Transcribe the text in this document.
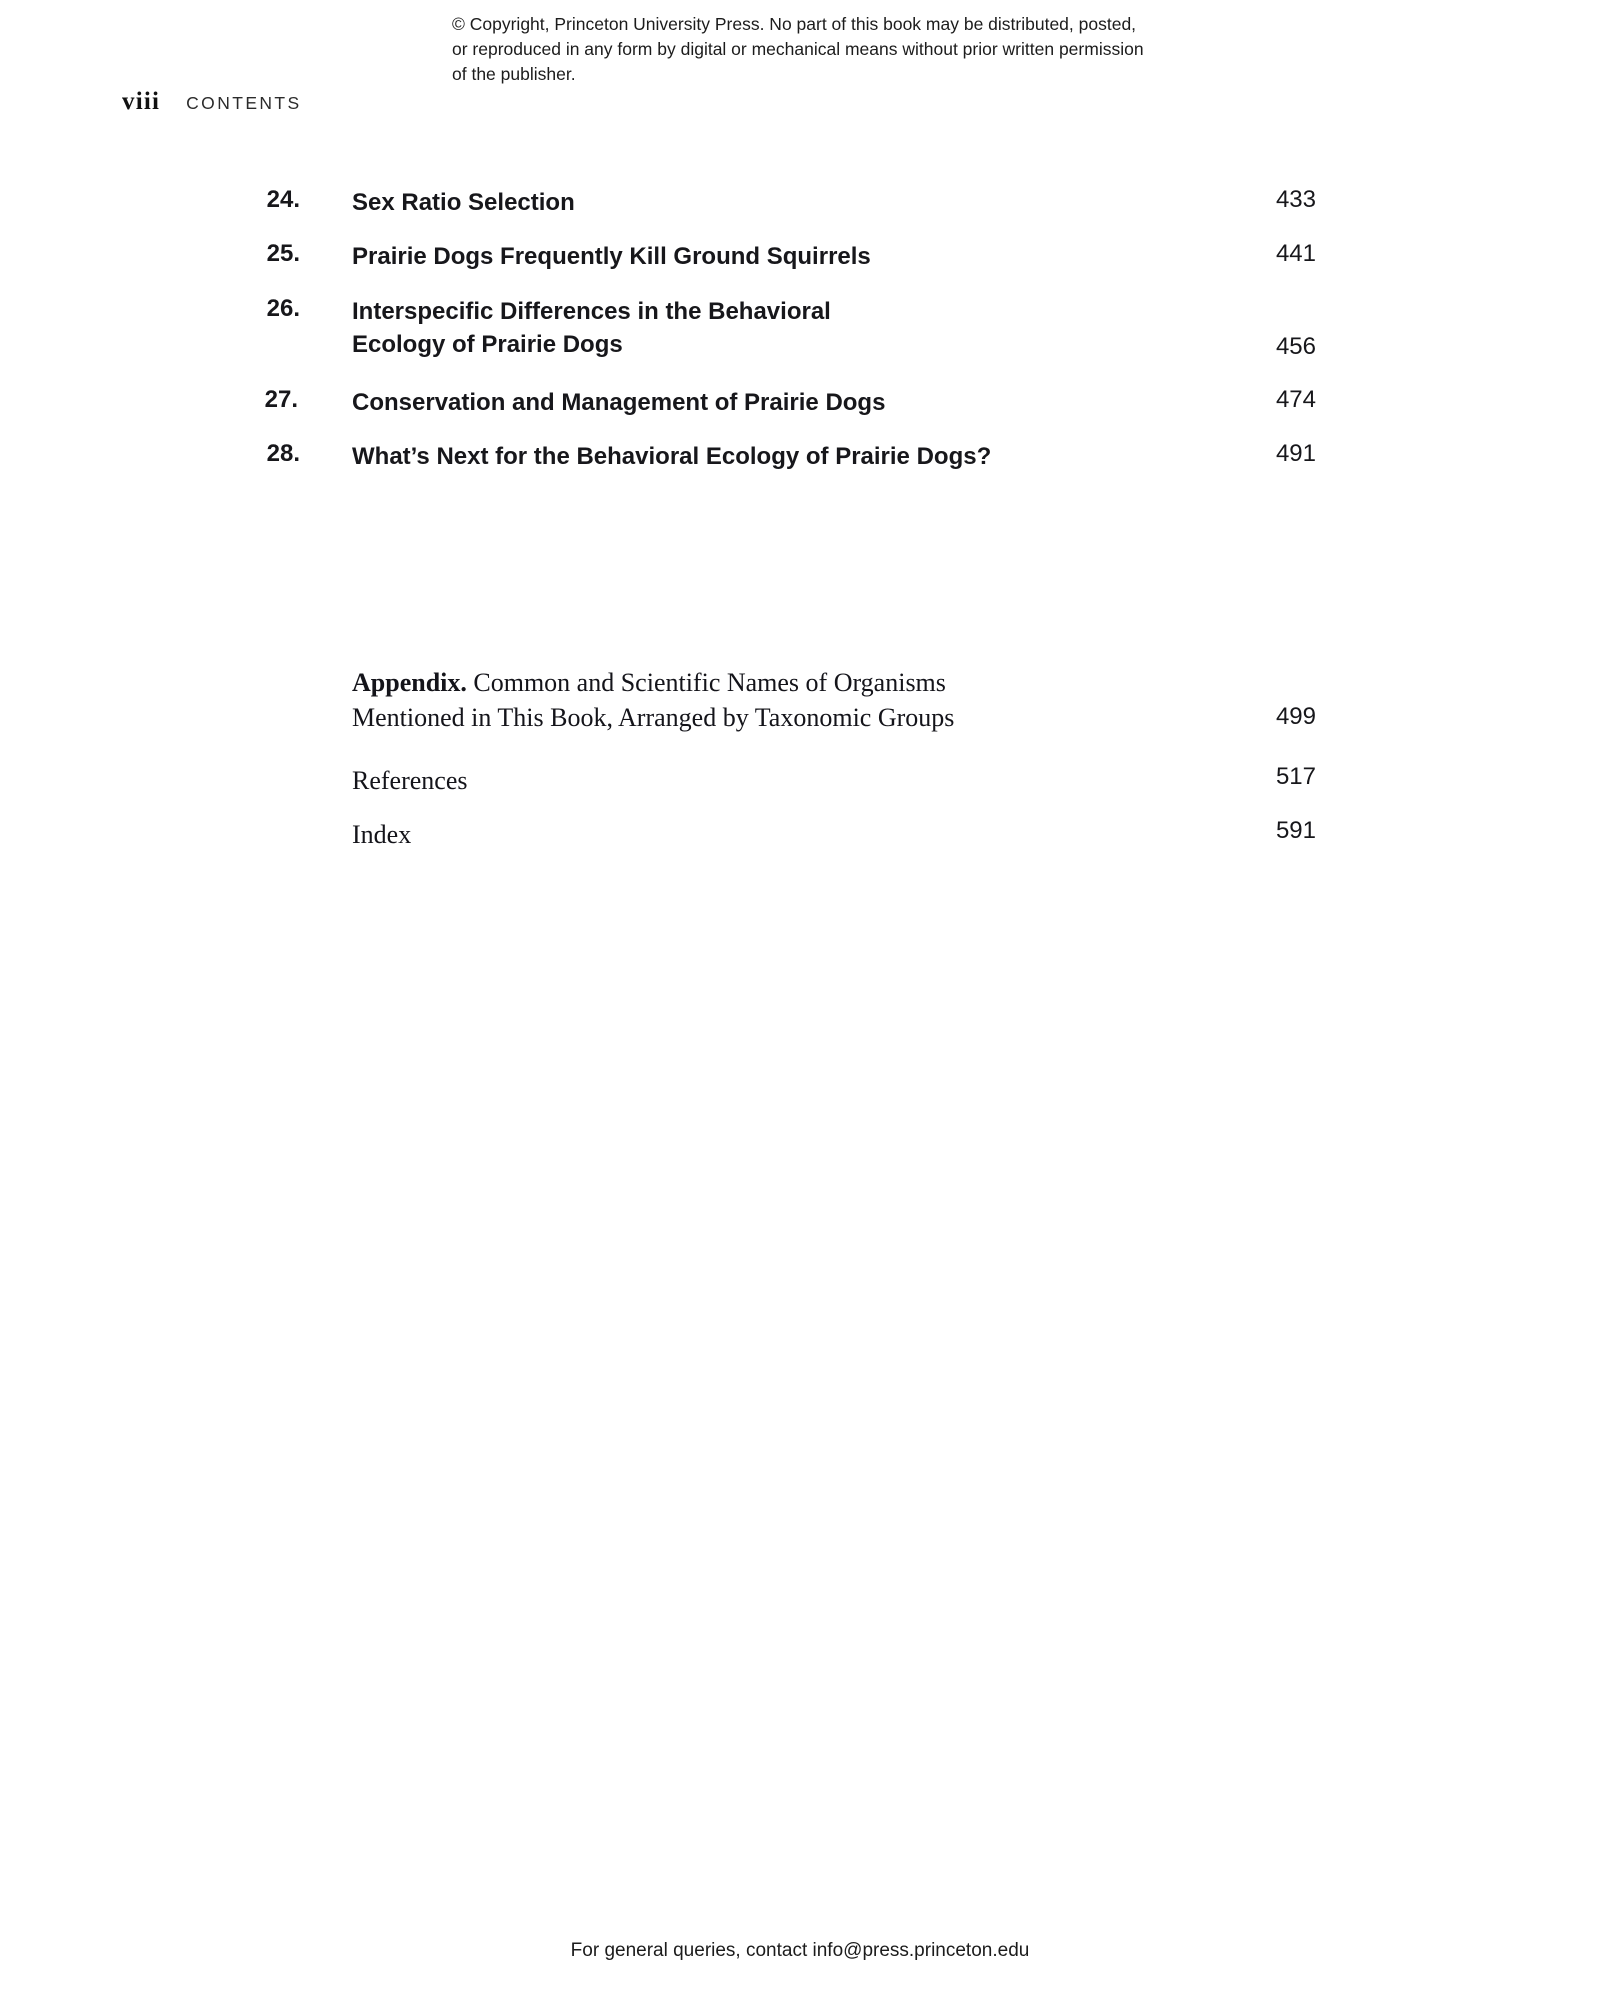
© Copyright, Princeton University Press. No part of this book may be distributed, posted, or reproduced in any form by digital or mechanical means without prior written permission of the publisher.
viii CONTENTS
24. Sex Ratio Selection	433
25. Prairie Dogs Frequently Kill Ground Squirrels	441
26. Interspecific Differences in the Behavioral
Ecology of Prairie Dogs	456
27. Conservation and Management of Prairie Dogs	474
28. What’s Next for the Behavioral Ecology of Prairie Dogs?	491
Appendix. Common and Scientific Names of Organisms
Mentioned in This Book, Arranged by Taxonomic Groups	499
References	517
Index	591
For general queries, contact info@press.princeton.edu
